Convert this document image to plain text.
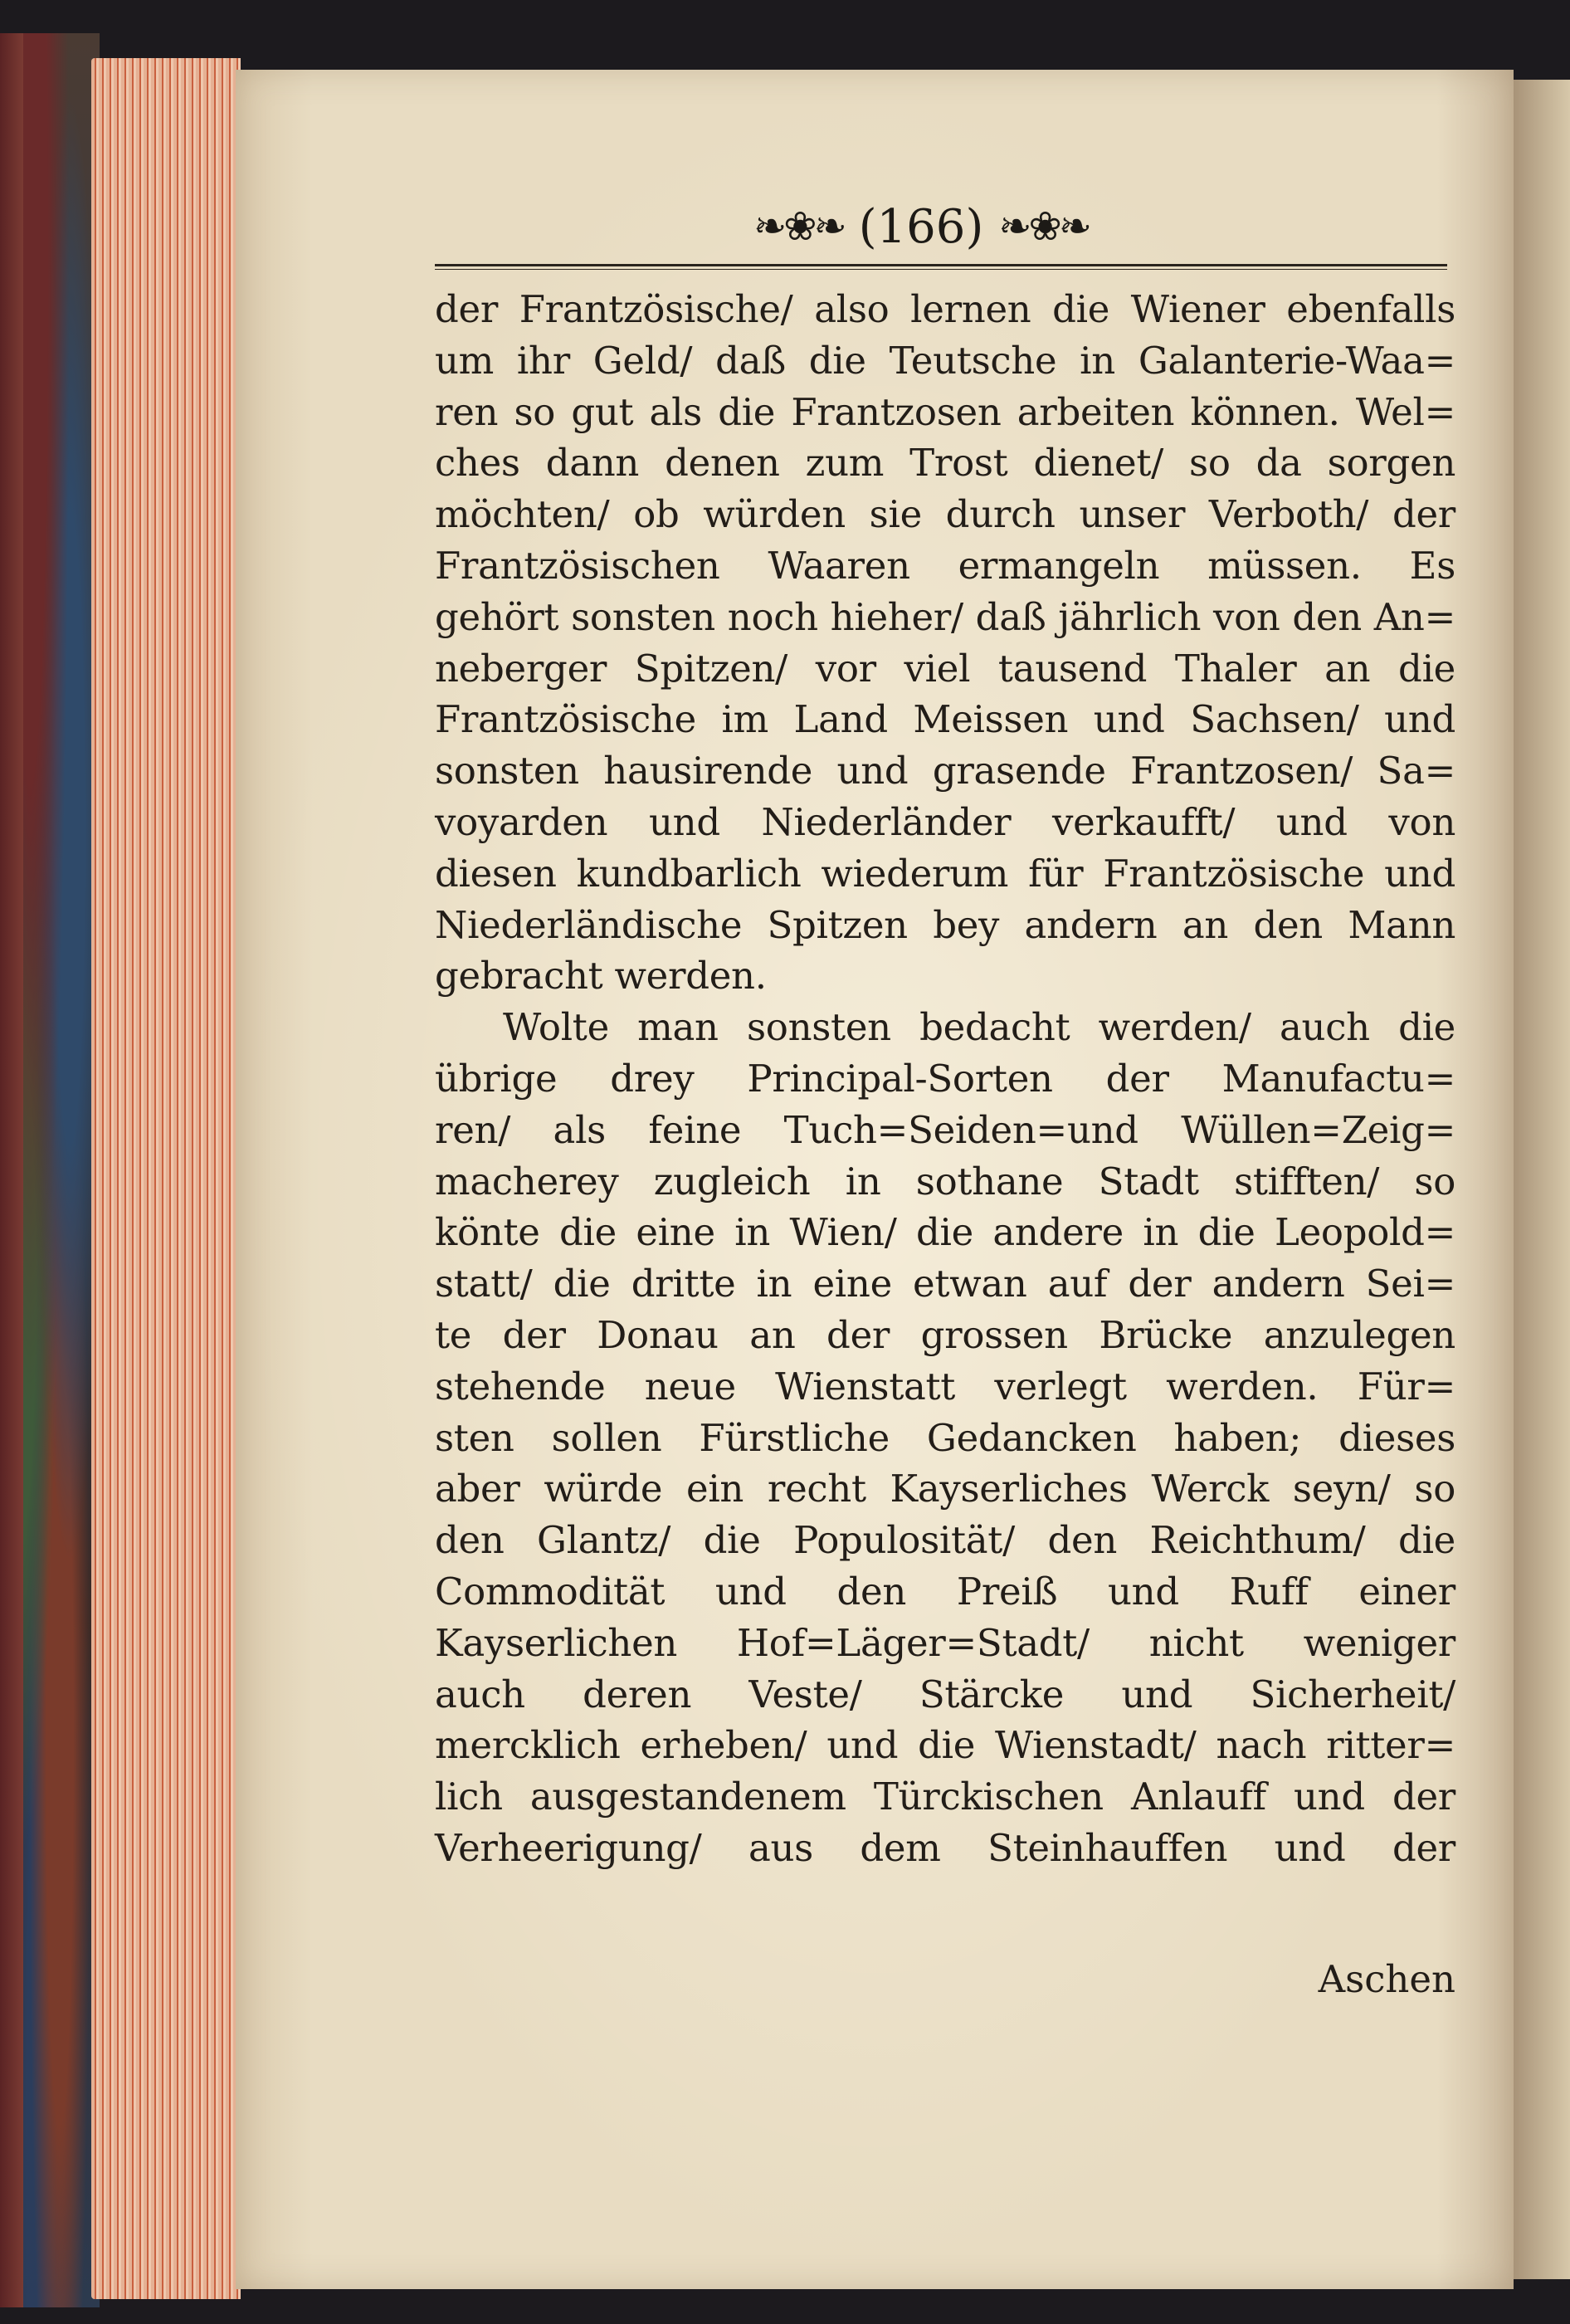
❧❀❧ (166) ❧❀❧
der Frantzösische/ also lernen die Wiener ebenfalls
um ihr Geld/ daß die Teutsche in Galanterie-Waa=
ren so gut als die Frantzosen arbeiten können. Wel=
ches dann denen zum Trost dienet/ so da sorgen
möchten/ ob würden sie durch unser Verboth/ der
Frantzösischen Waaren ermangeln müssen. Es
gehört sonsten noch hieher/ daß jährlich von den An=
neberger Spitzen/ vor viel tausend Thaler an die
Frantzösische im Land Meissen und Sachsen/ und
sonsten hausirende und grasende Frantzosen/ Sa=
voyarden und Niederländer verkaufft/ und von
diesen kundbarlich wiederum für Frantzösische und
Niederländische Spitzen bey andern an den Mann
gebracht werden.
Wolte man sonsten bedacht werden/ auch die
übrige drey Principal-Sorten der Manufactu=
ren/ als feine Tuch=Seiden=und Wüllen=Zeig=
macherey zugleich in sothane Stadt stifften/ so
könte die eine in Wien/ die andere in die Leopold=
statt/ die dritte in eine etwan auf der andern Sei=
te der Donau an der grossen Brücke anzulegen
stehende neue Wienstatt verlegt werden. Für=
sten sollen Fürstliche Gedancken haben; dieses
aber würde ein recht Kayserliches Werck seyn/ so
den Glantz/ die Populosität/ den Reichthum/ die
Commodität und den Preiß und Ruff einer
Kayserlichen Hof=Läger=Stadt/ nicht weniger
auch deren Veste/ Stärcke und Sicherheit/
mercklich erheben/ und die Wienstadt/ nach ritter=
lich ausgestandenem Türckischen Anlauff und der
Verheerigung/ aus dem Steinhauffen und der
Aschen
